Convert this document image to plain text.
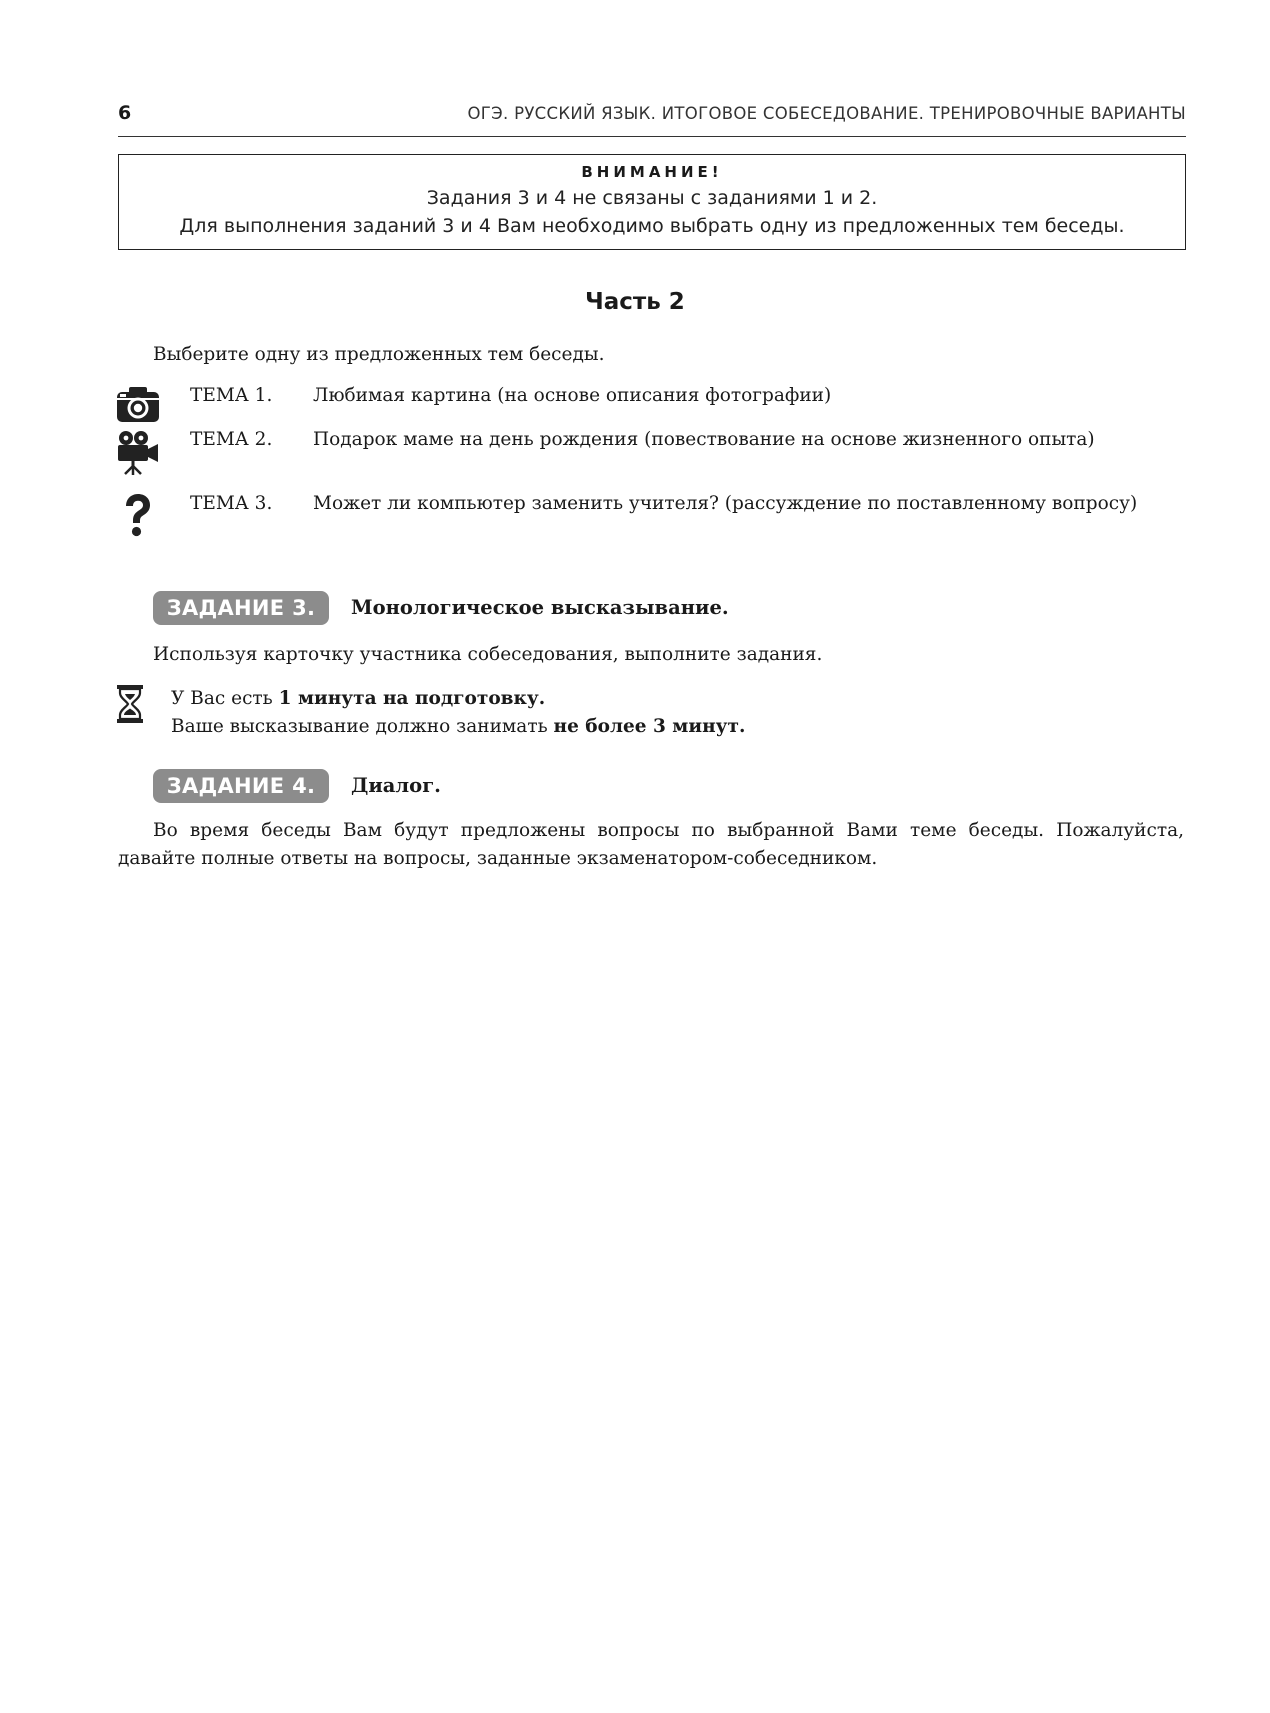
6	ОГЭ. РУССКИЙ ЯЗЫК. ИТОГОВОЕ СОБЕСЕДОВАНИЕ. ТРЕНИРОВОЧНЫЕ ВАРИАНТЫ
ВНИМАНИЕ!
Задания 3 и 4 не связаны с заданиями 1 и 2.
Для выполнения заданий 3 и 4 Вам необходимо выбрать одну из предложенных тем беседы.
Часть 2
Выберите одну из предложенных тем беседы.
ТЕМА 1. Любимая картина (на основе описания фотографии)
ТЕМА 2. Подарок маме на день рождения (повествование на основе жизненного опыта)
ТЕМА 3. Может ли компьютер заменить учителя? (рассуждение по поставленному вопросу)
ЗАДАНИЕ 3.	Монологическое высказывание.
Используя карточку участника собеседования, выполните задания.
У Вас есть 1 минута на подготовку.
Ваше высказывание должно занимать не более 3 минут.
ЗАДАНИЕ 4.	Диалог.
Во время беседы Вам будут предложены вопросы по выбранной Вами теме беседы. Пожалуйста, давайте полные ответы на вопросы, заданные экзаменатором-собеседником.
